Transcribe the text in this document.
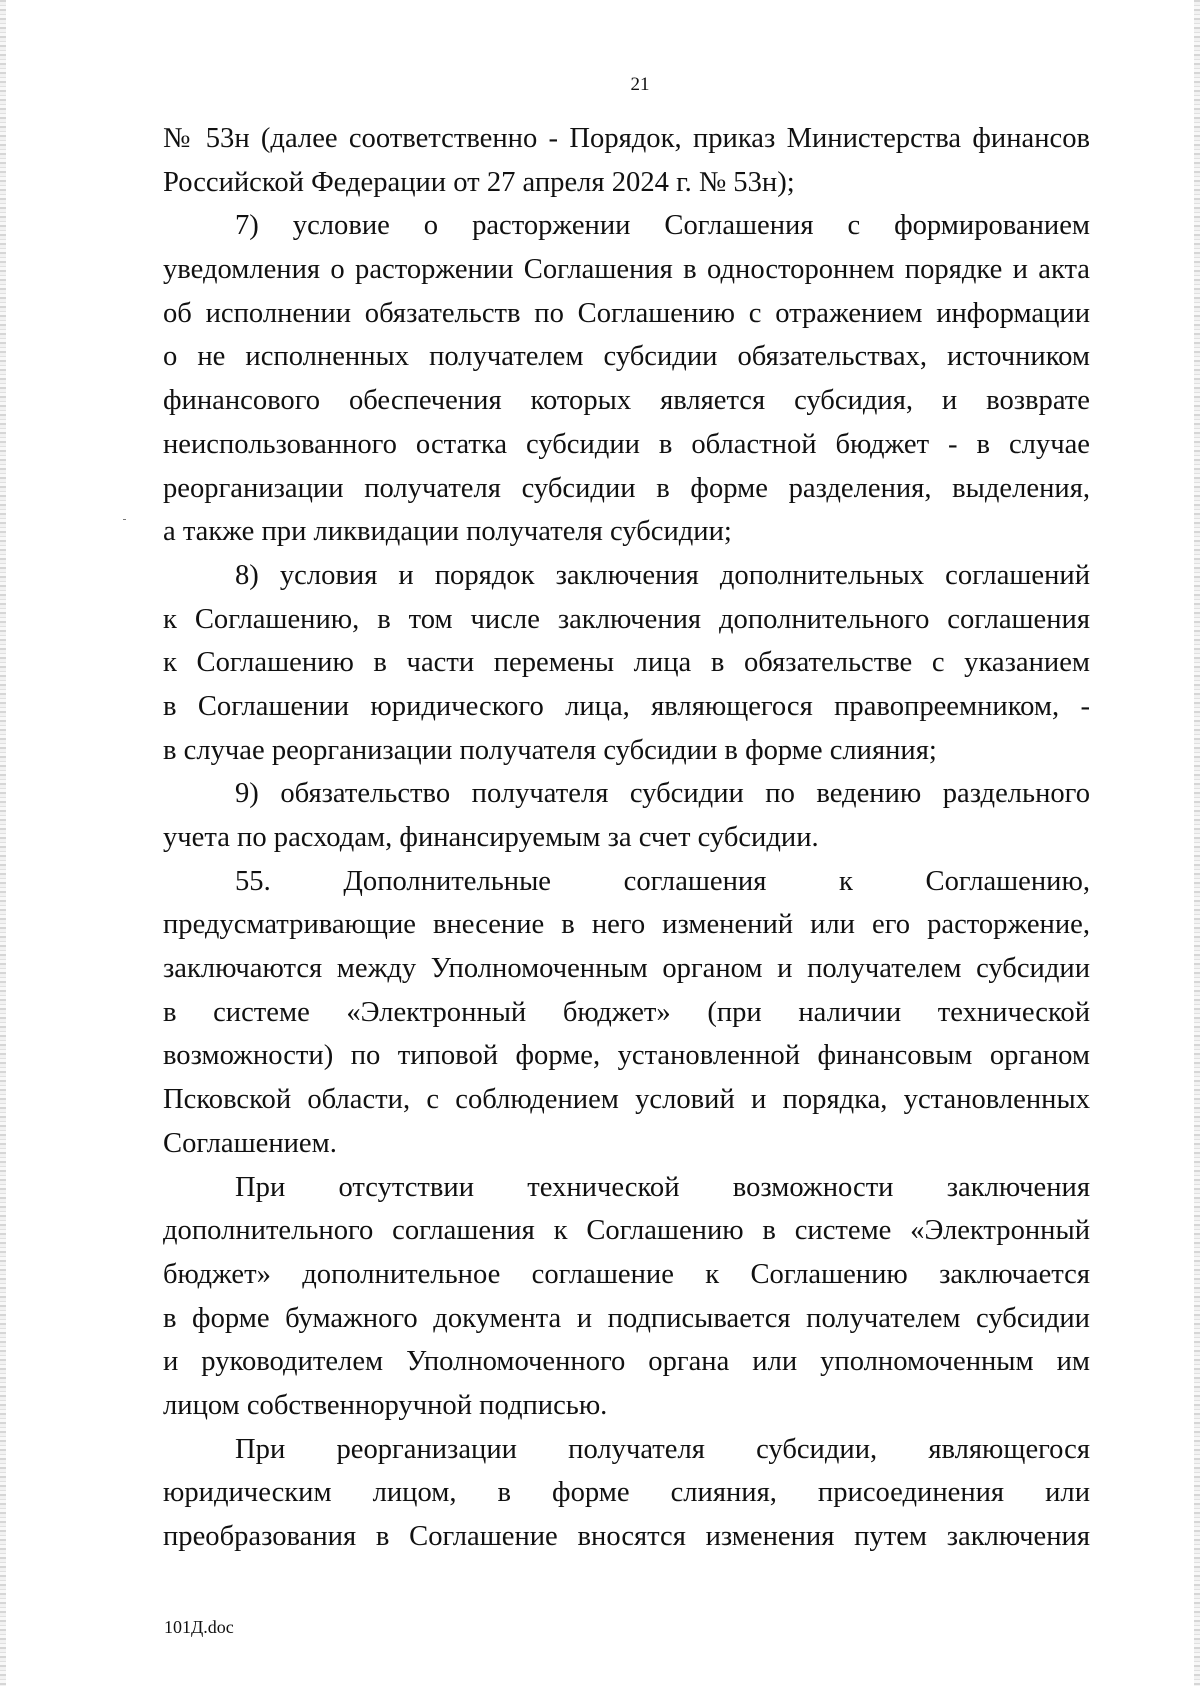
21
№ 53н (далее соответственно - Порядок, приказ Министерства финансов
Российской Федерации от 27 апреля 2024 г. № 53н);
7) условие о расторжении Соглашения с формированием
уведомления о расторжении Соглашения в одностороннем порядке и акта
об исполнении обязательств по Соглашению с отражением информации
о не исполненных получателем субсидии обязательствах, источником
финансового обеспечения которых является субсидия, и возврате
неиспользованного остатка субсидии в областной бюджет - в случае
реорганизации получателя субсидии в форме разделения, выделения,
а также при ликвидации получателя субсидии;
8) условия и порядок заключения дополнительных соглашений
к Соглашению, в том числе заключения дополнительного соглашения
к Соглашению в части перемены лица в обязательстве с указанием
в Соглашении юридического лица, являющегося правопреемником, -
в случае реорганизации получателя субсидии в форме слияния;
9) обязательство получателя субсидии по ведению раздельного
учета по расходам, финансируемым за счет субсидии.
55. Дополнительные соглашения к Соглашению,
предусматривающие внесение в него изменений или его расторжение,
заключаются между Уполномоченным органом и получателем субсидии
в системе «Электронный бюджет» (при наличии технической
возможности) по типовой форме, установленной финансовым органом
Псковской области, с соблюдением условий и порядка, установленных
Соглашением.
При отсутствии технической возможности заключения
дополнительного соглашения к Соглашению в системе «Электронный
бюджет» дополнительное соглашение к Соглашению заключается
в форме бумажного документа и подписывается получателем субсидии
и руководителем Уполномоченного органа или уполномоченным им
лицом собственноручной подписью.
При реорганизации получателя субсидии, являющегося
юридическим лицом, в форме слияния, присоединения или
преобразования в Соглашение вносятся изменения путем заключения
101Д.doc
